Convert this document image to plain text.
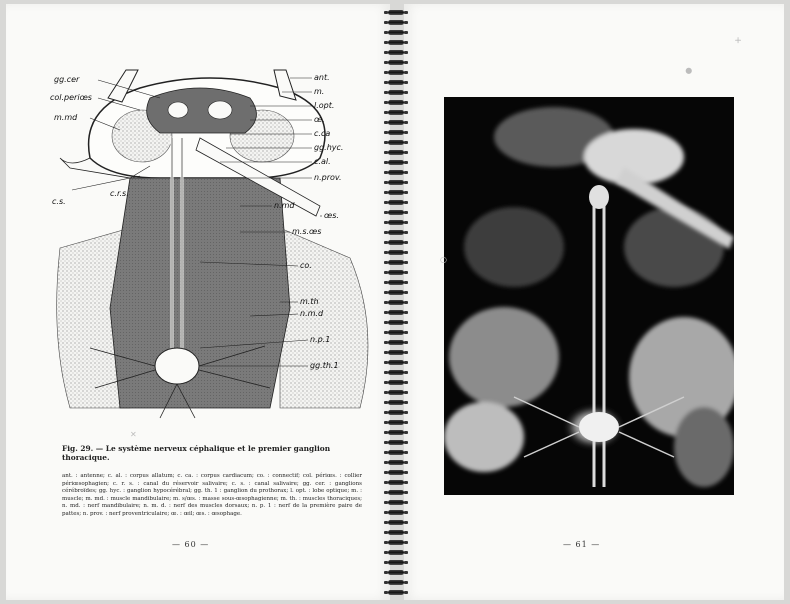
gg.cer
col.periœs
m.md
c.s.
c.r.s.
ant.
m.
l.opt.
œ.
c.ca
gg.hyc.
c.al.
n.prov.
n.md
œs.
m.s.œs
co.
m.th
n.m.d
n.p.1
gg.th.1
Fig. 29. — Le système nerveux céphalique et le premier ganglion thoracique.
ant. : antenne; c. al. : corpus allatum; c. ca. : corpus cardiacum; co. : connectif; col. périœs. : collier périœsophagien; c. r. s. : canal du réservoir salivaire; c. s. : canal salivaire; gg. cer. : ganglions cérébroïdes; gg. hyc. : ganglion hypocérébral; gg. th. 1 : ganglion du prothorax; l. opt. : lobe optique; m. : muscle; m. md. : muscle mandibulaire; m. s/œs. : masse sous-œsophagienne; m. th. : muscles thoraciques; n. md. : nerf mandibulaire; n. m. d. : nerf des muscles dorsaux; n. p. 1 : nerf de la première paire de pattes; n. prov. : nerf proventriculaire; œ. : œil; œs. : œsophage.
— 60 —	— 61 —
✕
●
○
✕
